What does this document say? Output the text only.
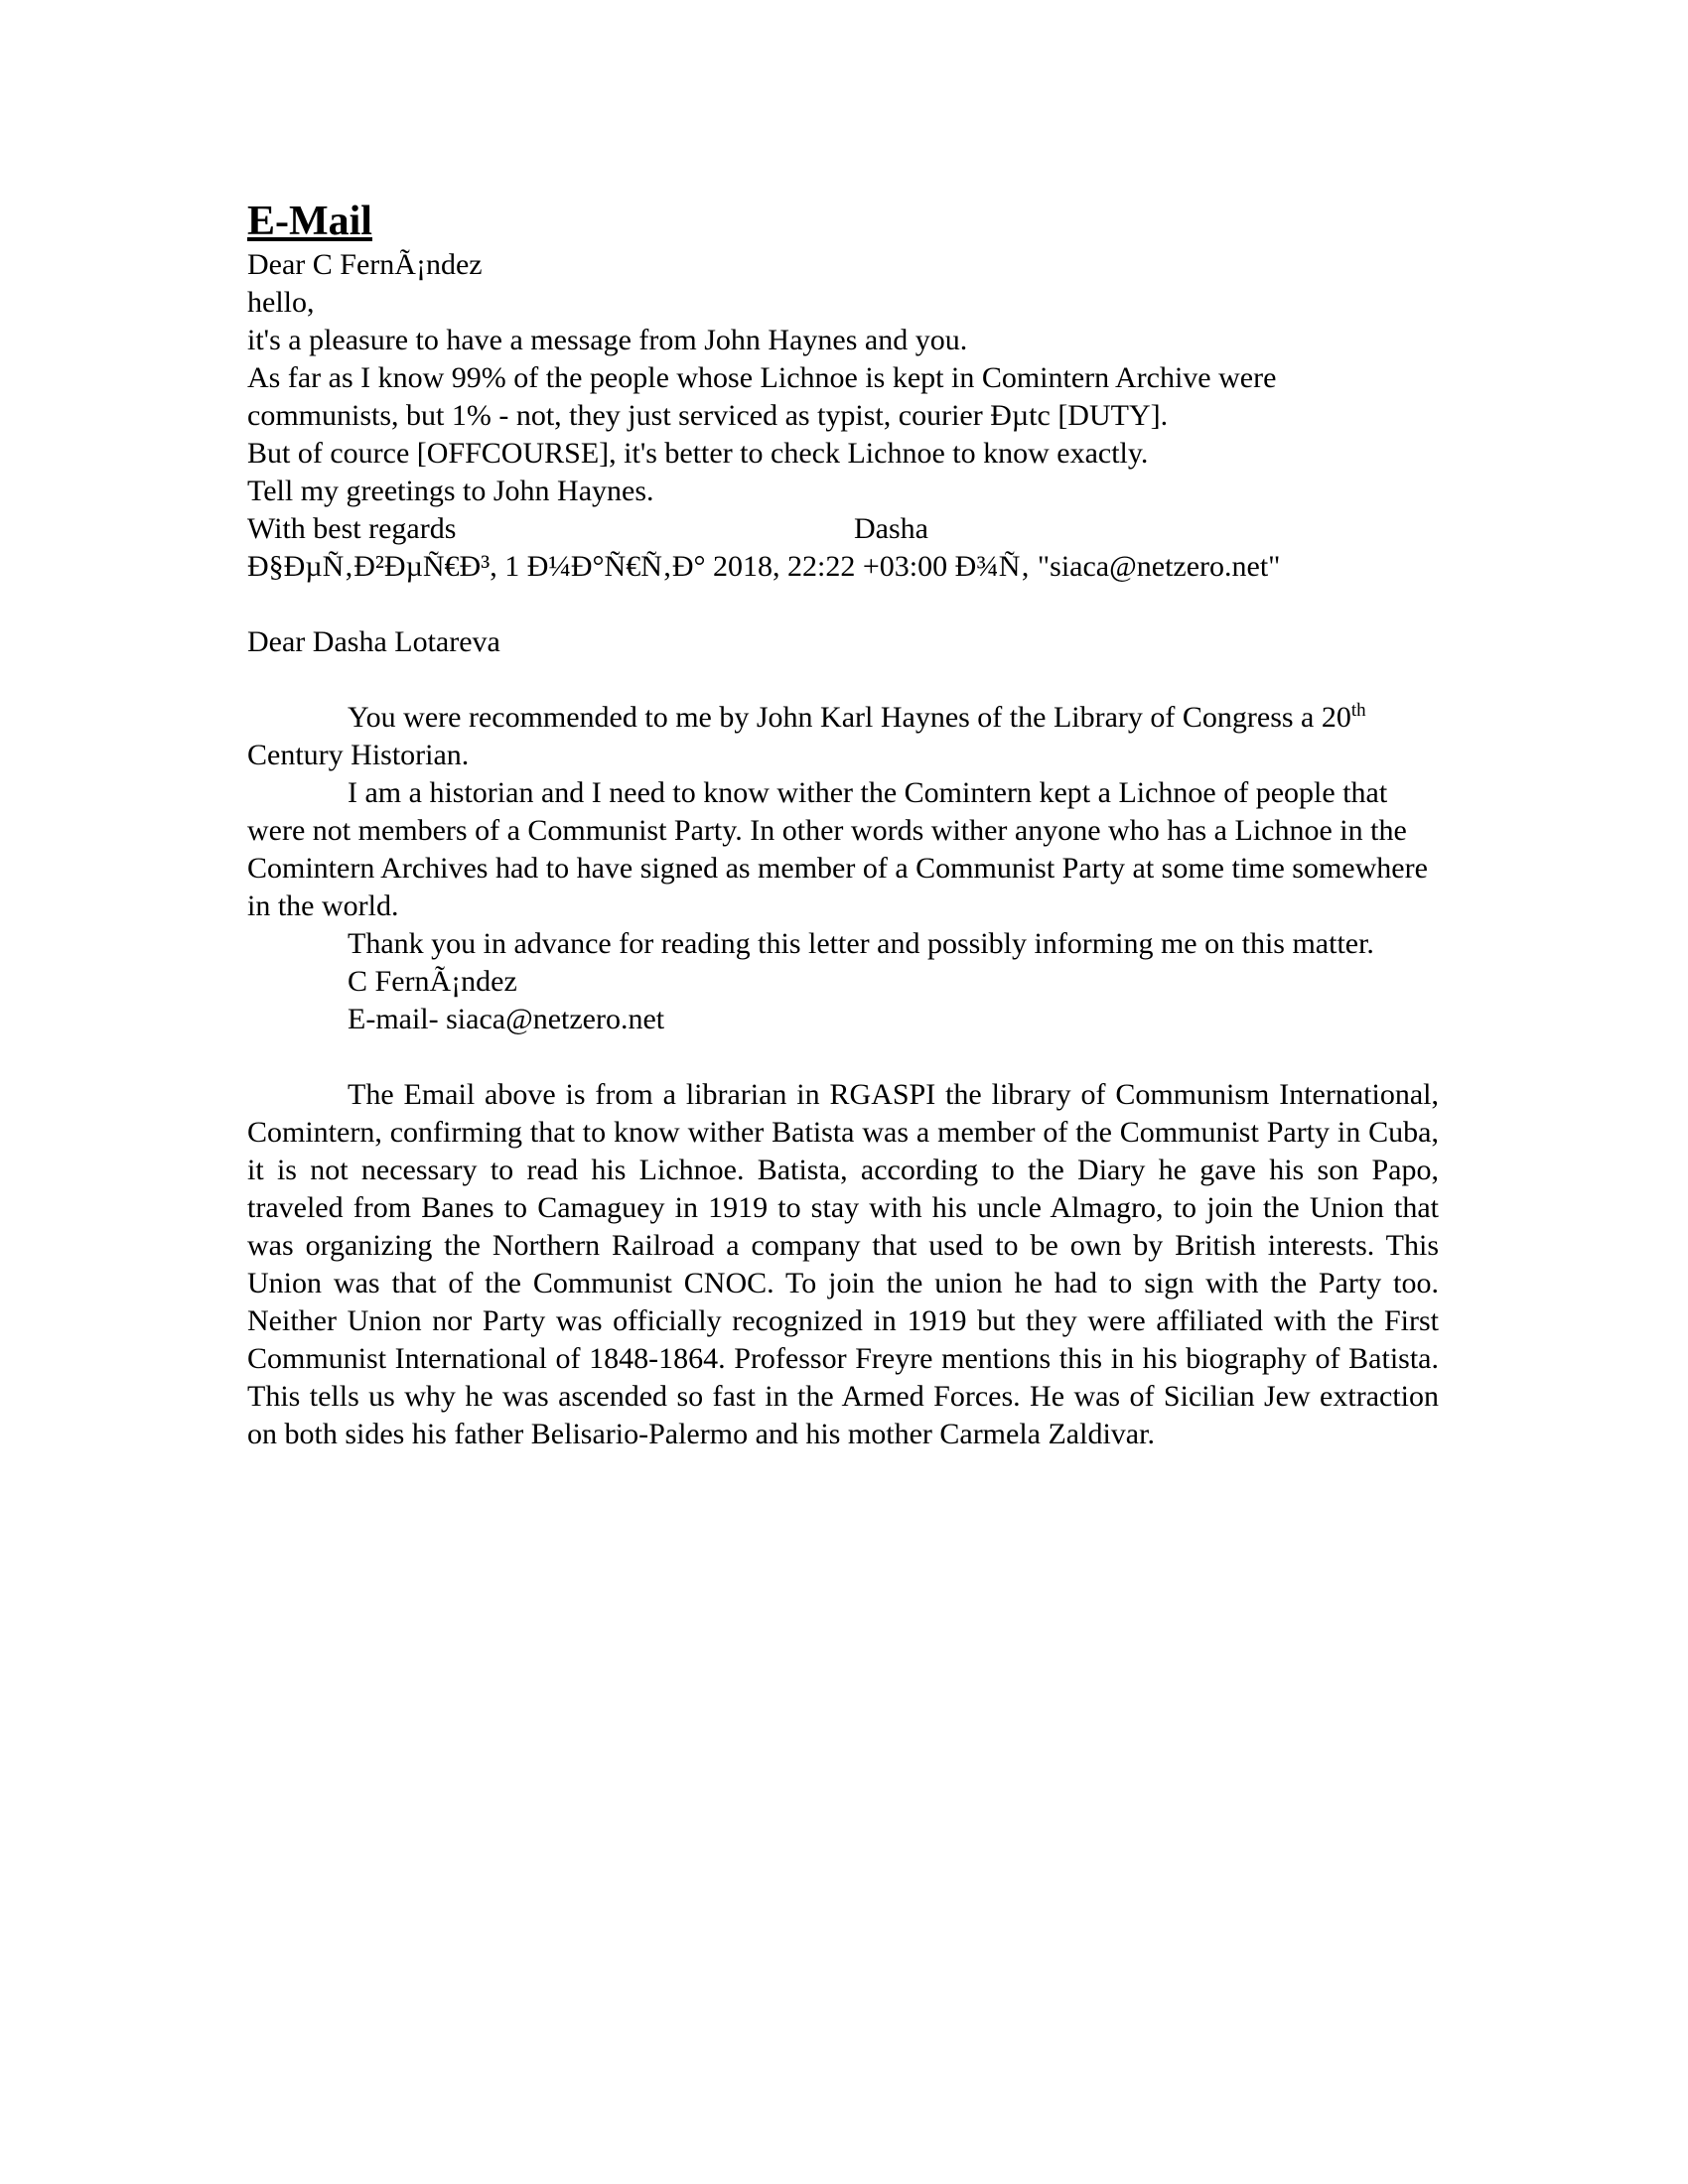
E-Mail
Dear C FernÃ¡ndez
hello,
it's a pleasure to have a message from John Haynes and you.
As far as I know 99% of the people whose Lichnoe is kept in Comintern Archive were
communists, but 1% - not, they just serviced as typist, courier Ðµtc [DUTY].
But of cource [OFFCOURSE], it's better to check Lichnoe to know exactly.
Tell my greetings to John Haynes.
With best regards	Dasha
Ð§ÐµÑ‚Ð²ÐµÑ€Ð³, 1 Ð¼Ð°Ñ€Ñ‚Ð° 2018, 22:22 +03:00 Ð¾Ñ‚ "siaca@netzero.net"
Dear Dasha Lotareva

You were recommended to me by John Karl Haynes of the Library of Congress a 20th Century Historian.

I am a historian and I need to know wither the Comintern kept a Lichnoe of people that were not members of a Communist Party. In other words wither anyone who has a Lichnoe in the Comintern Archives had to have signed as member of a Communist Party at some time somewhere in the world.

Thank you in advance for reading this letter and possibly informing me on this matter.

C FernÃ¡ndez
E-mail- siaca@netzero.net

The Email above is from a librarian in RGASPI the library of Communism International, Comintern, confirming that to know wither Batista was a member of the Communist Party in Cuba, it is not necessary to read his Lichnoe. Batista, according to the Diary he gave his son Papo, traveled from Banes to Camaguey in 1919 to stay with his uncle Almagro, to join the Union that was organizing the Northern Railroad a company that used to be own by British interests. This Union was that of the Communist CNOC. To join the union he had to sign with the Party too. Neither Union nor Party was officially recognized in 1919 but they were affiliated with the First Communist International of 1848-1864. Professor Freyre mentions this in his biography of Batista. This tells us why he was ascended so fast in the Armed Forces. He was of Sicilian Jew extraction on both sides his father Belisario-Palermo and his mother Carmela Zaldivar.
